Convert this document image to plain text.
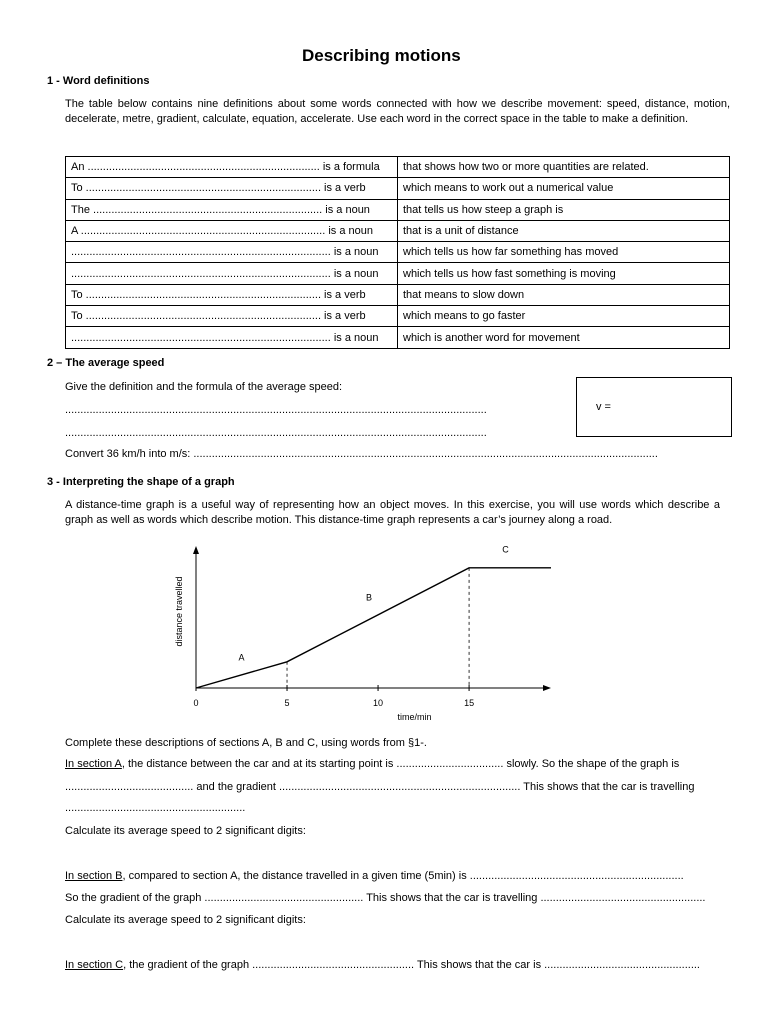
Describing motions
1 - Word definitions
The table below contains nine definitions about some words connected with how we describe movement: speed, distance, motion, decelerate, metre, gradient, calculate, equation, accelerate. Use each word in the correct space in the table to make a definition.
An ............................................................................ is a formula	that shows how two or more quantities are related.
To ............................................................................. is a verb	which means to work out a numerical value
The ........................................................................... is a noun	that tells us how steep a graph is
A ................................................................................ is a noun	that is a unit of distance
..................................................................................... is a noun	which tells us how far something has moved
..................................................................................... is a noun	which tells us how fast something is moving
To ............................................................................. is a verb	that means to slow down
To ............................................................................. is a verb	which means to go faster
..................................................................................... is a noun	which is another word for movement
2 – The average speed
Give the definition and the formula of the average speed:
..........................................................................................................................................
..........................................................................................................................................
v =
Convert 36 km/h into m/s: ........................................................................................................................................................
3 - Interpreting the shape of a graph
A distance-time graph is a useful way of representing how an object moves. In this exercise, you will use words which describe a graph as well as words which describe motion. This distance-time graph represents a car’s journey along a road.
0	5	10	15
time/min
distance travelled
A
B
C
Complete these descriptions of sections A, B and C, using words from §1-.
In section A, the distance between the car and at its starting point is ................................... slowly. So the shape of the graph is
.......................................... and the gradient ............................................................................... This shows that the car is travelling
...........................................................
Calculate its average speed to 2 significant digits:
In section B, compared to section A, the distance travelled in a given time (5min) is ......................................................................
So the gradient of the graph .................................................... This shows that the car is travelling ......................................................
Calculate its average speed to 2 significant digits:
In section C, the gradient of the graph ..................................................... This shows that the car is ...................................................
